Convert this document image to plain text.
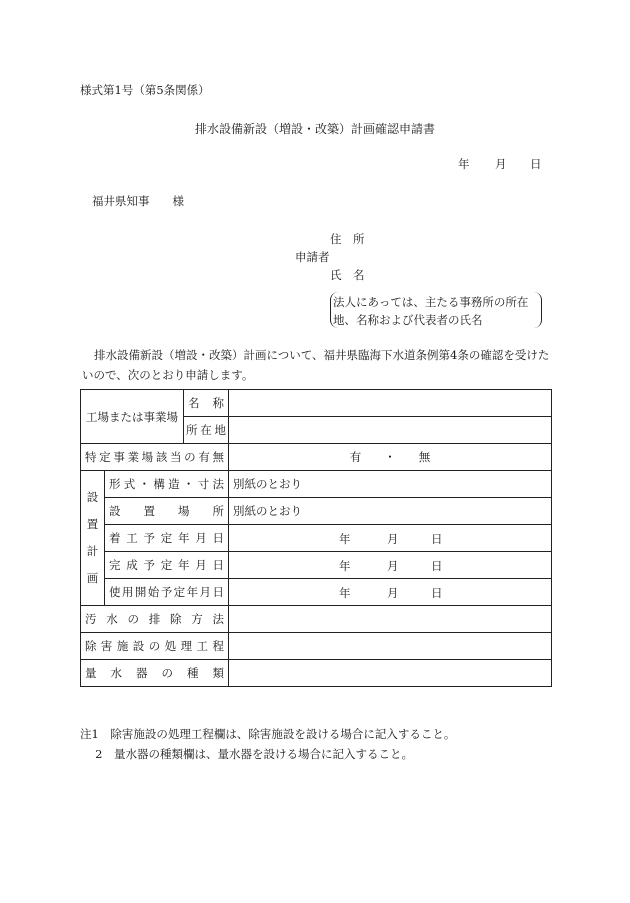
様式第1号（第5条関係）
排水設備新設（増設・改築）計画確認申請書
年 月 日
福井県知事　　様
住　所
申請者
氏　名
法人にあっては、主たる事務所の所在
地、名称および代表者の氏名
排水設備新設（増設・改築）計画について、福井県臨海下水道条例第4条の確認を受けたいので、次のとおり申請します。
工場または事業場		名　称	
		所在地	
特定事業場該当の有無			有　　・　　無

設
置
計
画	形式・構造・寸法		別紙のとおり
	設置場所		別紙のとおり
	着工予定年月日		年 月 日

	完成予定年月日		年 月 日

	使用開始予定年月日		年 月 日

汚水の排除方法			
除害施設の処理工程			
量水器の種類			
注1　除害施設の処理工程欄は、除害施設を設ける場合に記入すること。
　 2　量水器の種類欄は、量水器を設ける場合に記入すること。
